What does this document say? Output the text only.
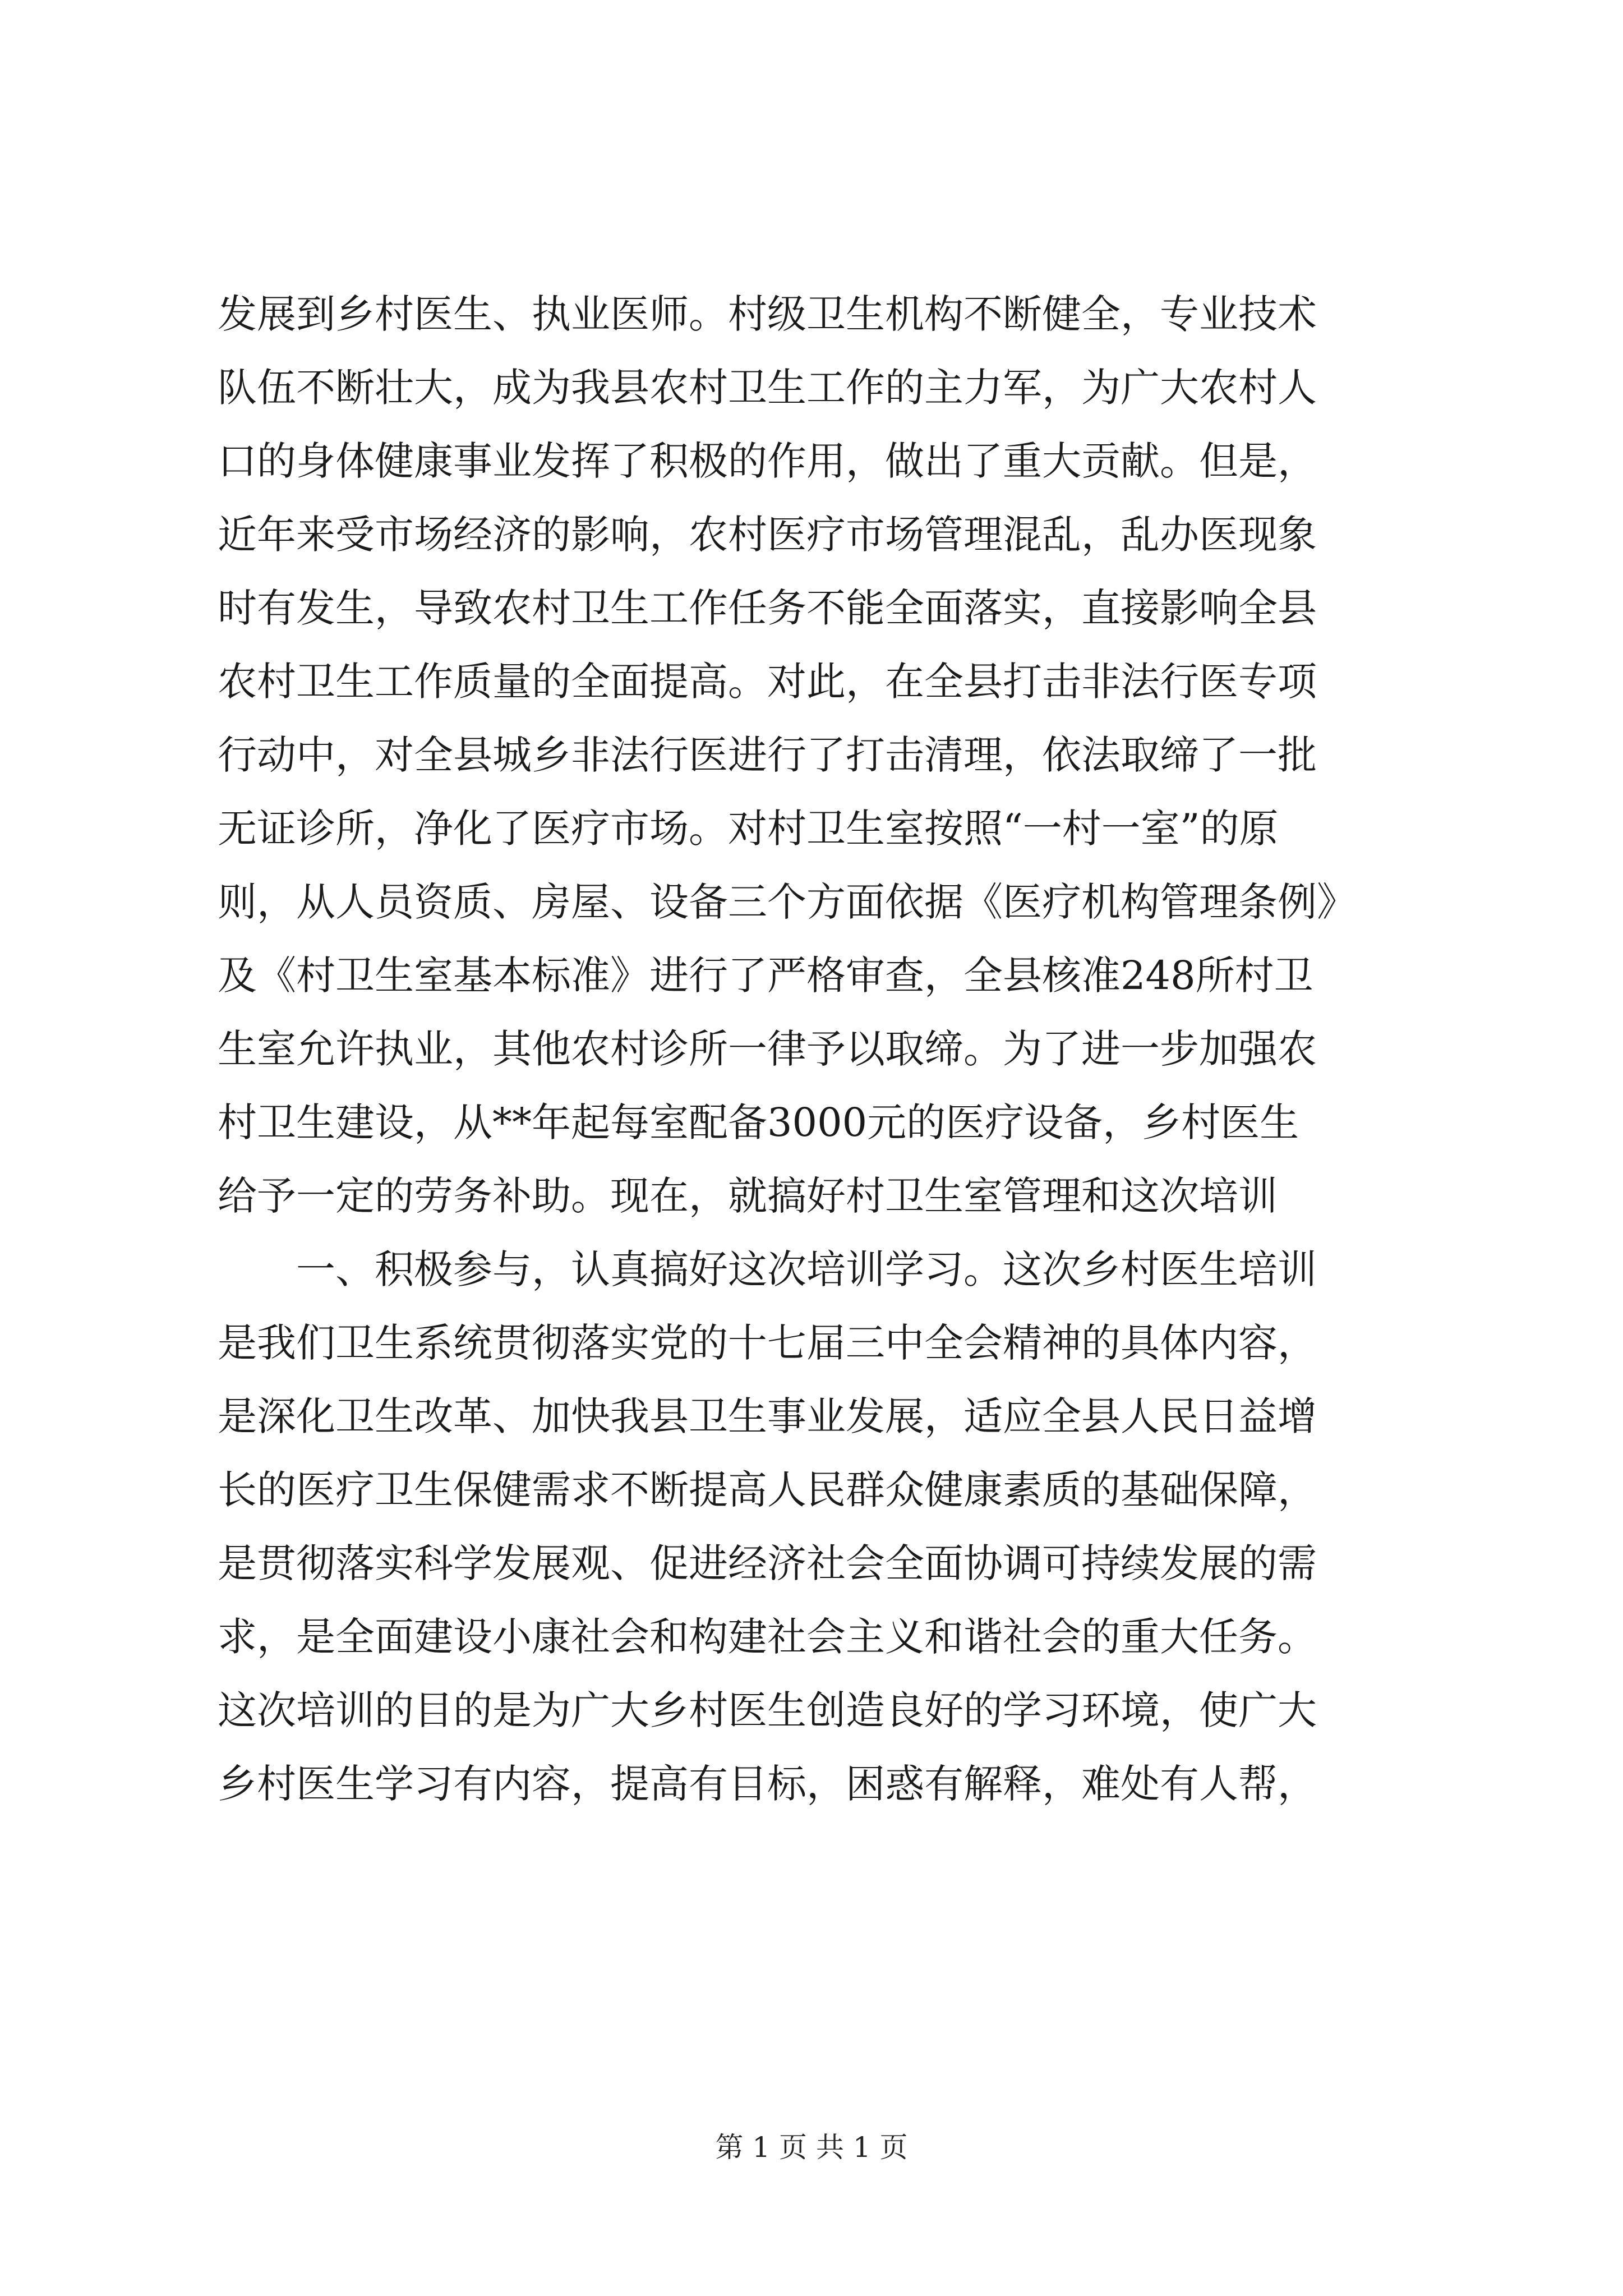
发展到乡村医生、执业医师。村级卫生机构不断健全，专业技术
队伍不断壮大，成为我县农村卫生工作的主力军，为广大农村人
口的身体健康事业发挥了积极的作用，做出了重大贡献。但是，
近年来受市场经济的影响，农村医疗市场管理混乱，乱办医现象
时有发生，导致农村卫生工作任务不能全面落实，直接影响全县
农村卫生工作质量的全面提高。对此，在全县打击非法行医专项
行动中，对全县城乡非法行医进行了打击清理，依法取缔了一批
无证诊所，净化了医疗市场。对村卫生室按照“一村一室”的原
则，从人员资质、房屋、设备三个方面依据《医疗机构管理条例》
及《村卫生室基本标准》进行了严格审查，全县核准248所村卫
生室允许执业，其他农村诊所一律予以取缔。为了进一步加强农
村卫生建设，从**年起每室配备3000元的医疗设备，乡村医生
给予一定的劳务补助。现在，就搞好村卫生室管理和这次培训
一、积极参与，认真搞好这次培训学习。这次乡村医生培训
是我们卫生系统贯彻落实党的十七届三中全会精神的具体内容，
是深化卫生改革、加快我县卫生事业发展，适应全县人民日益增
长的医疗卫生保健需求不断提高人民群众健康素质的基础保障，
是贯彻落实科学发展观、促进经济社会全面协调可持续发展的需
求，是全面建设小康社会和构建社会主义和谐社会的重大任务。
这次培训的目的是为广大乡村医生创造良好的学习环境，使广大
乡村医生学习有内容，提高有目标，困惑有解释，难处有人帮，
第 1 页 共 1 页
